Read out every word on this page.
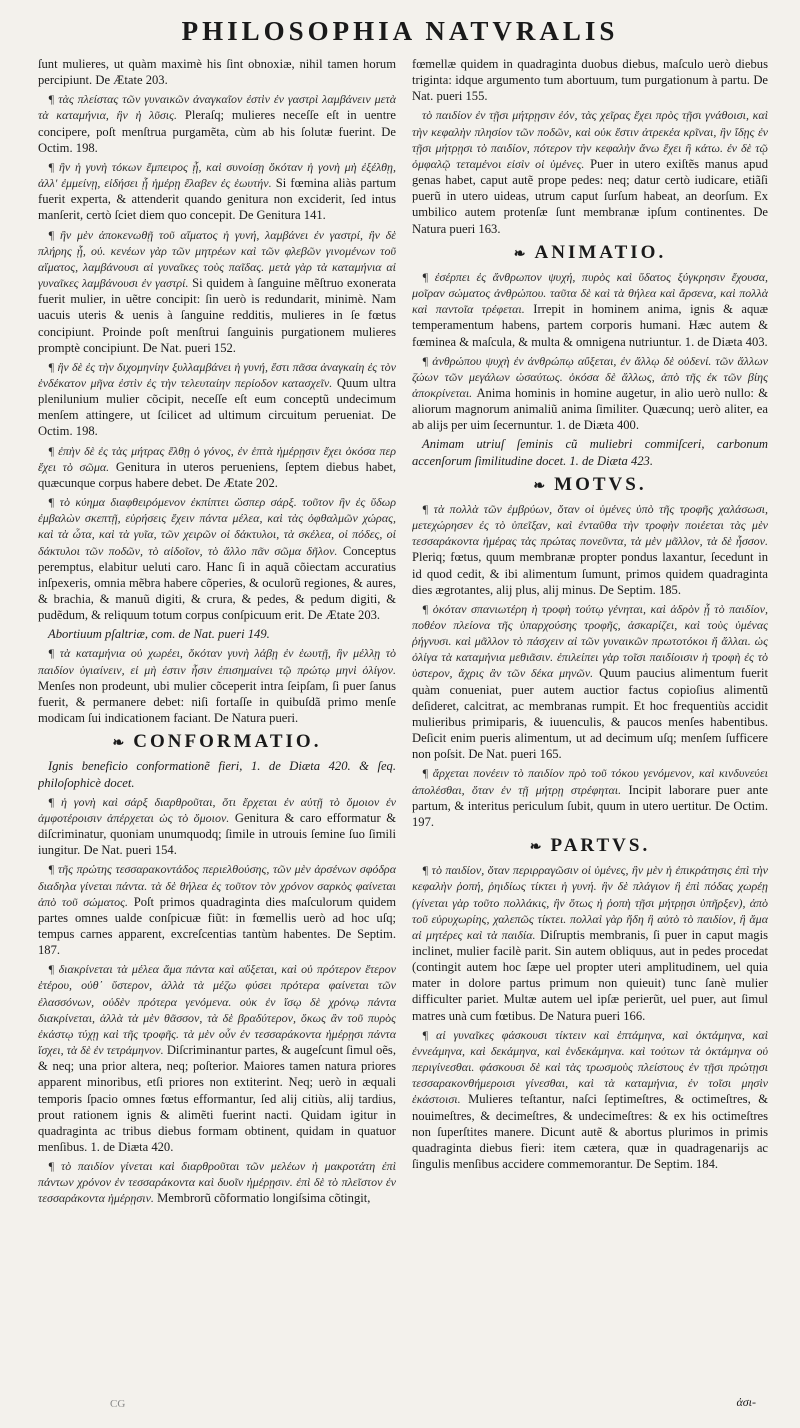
PHILOSOPHIA NATVRALIS

ſunt mulieres, ut quàm maximè his ſint obnoxiæ, nihil tamen horum percipiunt. De Ætate 203.

¶ τὰς πλείστας τῶν γυναικῶν ἀναγκαῖον ἐστὶν ἐν γαστρὶ λαμβάνειν μετὰ τὰ καταμήνια, ἢν ἡ λῦσις. Pleraſq; mulieres neceſſe eſt in uentre concipere, poſt menſtrua purgamẽta, cùm ab his ſolutæ fuerint. De Octim. 198.

¶ ἢν ἡ γυνὴ τόκων ἔμπειρος ᾖ, καὶ συνοίσῃ ὅκόταν ἡ γονὴ μὴ ἐξέλθῃ, ἀλλ' ἐμμείνῃ, εἰδήσει ᾗ ἡμέρῃ ἔλαβεν ἐς ἑωυτήν. Si fœmina aliàs partum fuerit experta, & attenderit quando genitura non exciderit, ſed intus manſerit, certò ſciet diem quo concepit. De Genitura 141.

¶ ἢν μὲν ἀποκενωθῇ τοῦ αἵματος ἡ γυνή, λαμβάνει ἐν γαστρί, ἢν δὲ πλήρης ᾖ, οὐ. κενέων γὰρ τῶν μητρέων καὶ τῶν φλεβῶν γινομένων τοῦ αἵματος, λαμβάνουσι αἱ γυναῖκες τοὺς παῖδας. μετὰ γὰρ τὰ καταμήνια αἱ γυναῖκες λαμβάνουσι ἐν γαστρί. Si quidem à ſanguine mẽſtruo exonerata fuerit mulier, in uẽtre concipit: ſin uerò is redundarit, minimè. Nam uacuis uteris & uenis à ſanguine redditis, mulieres in ſe fœtus concipiunt. Proinde poſt menſtrui ſanguinis purgationem mulieres promptè concipiunt. De Nat. pueri 152.

¶ ἢν δὲ ἐς τὴν διχομηνίην ξυλλαμβάνει ἡ γυνή, ἔστι πᾶσα ἀναγκαίη ἐς τὸν ἑνδέκατον μῆνα ἐστὶν ἐς τὴν τελευταίην περίοδον κατασχεῖν. Quum ultra plenilunium mulier cõcipit, neceſſe eſt eum conceptũ undecimum menſem attingere, ut ſcilicet ad ultimum circuitum perueniat. De Octim. 198.

¶ ἐπὴν δὲ ἐς τὰς μήτρας ἔλθῃ ὁ γόνος, ἐν ἑπτὰ ἡμέρῃσιν ἔχει ὁκόσα περ ἔχει τὸ σῶμα. Genitura in uteros perueniens, ſeptem diebus habet, quæcunque corpus habere debet. De Ætate 202.

¶ τὸ κύημα διαφθειρόμενον ἐκπίπτει ὥσπερ σάρξ. τοῦτον ἢν ἐς ὕδωρ ἐμβαλὼν σκεπτῇ, εὑρήσεις ἔχειν πάντα μέλεα, καὶ τὰς ὀφθαλμῶν χώρας, καὶ τὰ ὦτα, καὶ τὰ γυῖα, τῶν χειρῶν οἱ δάκτυλοι, τὰ σκέλεα, οἱ πόδες, οἱ δάκτυλοι τῶν ποδῶν, τὸ αἰδοῖον, τὸ ἄλλο πᾶν σῶμα δῆλον. Conceptus peremptus, elabitur ueluti caro. Hanc ſi in aquã cõiectam accuratius inſpexeris, omnia mẽbra habere cõperies, & oculorũ regiones, & aures, & brachia, & manuũ digiti, & crura, & pedes, & pedum digiti, & pudẽdum, & reliquum totum corpus conſpicuum erit. De Ætate 203.

Abortiuum pſaltriæ, com. de Nat. pueri 149.

¶ τὰ καταμήνια οὐ χωρέει, ὅκόταν γυνὴ λάβῃ ἐν ἑωυτῇ, ἢν μέλλῃ τὸ παιδίον ὑγιαίνειν, εἰ μὴ ἐστιν ἧσιν ἐπισημαίνει τῷ πρώτῳ μηνὶ ὀλίγον. Menſes non prodeunt, ubi mulier cõceperit intra ſeipſam, ſi puer ſanus fuerit, & permanere debet: niſi fortaſſe in quibuſdã primo menſe modicam ſui indicationem faciant. De Natura pueri.

❧ CONFORMATIO.

Ignis beneficio conformationẽ fieri, 1. de Diæta 420. & ſeq. philoſophicè docet.

¶ ἡ γονὴ καὶ σάρξ διαρθροῦται, ὅτι ἔρχεται ἐν αὐτῇ τὸ ὅμοιον ἐν ἀμφοτέροισιν ἀπέρχεται ὡς τὸ ὅμοιον. Genitura & caro efformatur & diſcriminatur, quoniam unumquodq; ſimile in utrouis ſemine ſuo ſimili iungitur. De Nat. pueri 154.

¶ τῆς πρώτης τεσσαρακοντάδος περιελθούσης, τῶν μὲν ἀρσένων σφόδρα διαδηλα γίνεται πάντα. τὰ δὲ θήλεα ἐς τοῦτον τὸν χρόνον σαρκὸς φαίνεται ἀπὸ τοῦ σώματος. Poſt primos quadraginta dies maſculorum quidem partes omnes ualde conſpicuæ fiũt: in fœmellis uerò ad hoc uſq; tempus carnes apparent, excreſcentias tantùm habentes. De Septim. 187.

¶ διακρίνεται τὰ μέλεα ἅμα πάντα καὶ αὔξεται, καὶ οὐ πρότερον ἕτερον ἑτέρου, οὐθ᾽ ὕστερον, ἀλλὰ τὰ μέζω φύσει πρότερα φαίνεται τῶν ἐλασσόνων, οὐδὲν πρότερα γενόμενα. οὐκ ἐν ἴσῳ δὲ χρόνῳ πάντα διακρίνεται, ἀλλὰ τὰ μὲν θᾶσσον, τὰ δὲ βραδύτερον, ὅκως ἂν τοῦ πυρὸς ἐκάστῳ τύχῃ καὶ τῆς τροφῆς. τὰ μὲν οὖν ἐν τεσσαράκοντα ἡμέρῃσι πάντα ἴσχει, τὰ δὲ ἐν τετράμηνον. Diſcriminantur partes, & augeſcunt ſimul oẽs, & neq; una prior altera, neq; poſterior. Maiores tamen natura priores apparent minoribus, etſi priores non extiterint. Neq; uerò in æquali temporis ſpacio omnes fœtus efformantur, ſed alij citiùs, alij tardius, prout rationem ignis & alimẽti fuerint nacti. Quidam igitur in quadraginta ac tribus diebus formam obtinent, quidam in quatuor menſibus. 1. de Diæta 420.

¶ τὸ παιδίον γίνεται καὶ διαρθροῦται τῶν μελέων ἡ μακροτάτη ἐπὶ πάντων χρόνον ἐν τεσσαράκοντα καὶ δυοῖν ἡμέρῃσιν. ἐπὶ δὲ τὸ πλεῖστον ἐν τεσσαράκοντα ἡμέρῃσιν. Membrorũ cõformatio longiſsima cõtingit,

fœmellæ quidem in quadraginta duobus diebus, maſculo uerò diebus triginta: idque argumento tum abortuum, tum purgationum à partu. De Nat. pueri 155.

τὸ παιδίον ἐν τῇσι μήτρῃσιν ἐόν, τὰς χεῖρας ἔχει πρὸς τῇσι γνάθοισι, καὶ τὴν κεφαλὴν πλησίον τῶν ποδῶν, καὶ οὐκ ἔστιν ἀτρεκέα κρῖναι, ἢν ἴδῃς ἐν τῇσι μήτρῃσι τὸ παιδίον, πότερον τὴν κεφαλὴν ἄνω ἔχει ἢ κάτω. ἐν δὲ τῷ ὀμφαλῷ τεταμένοι εἰσὶν οἱ ὑμένες. Puer in utero exiſtẽs manus apud genas habet, caput autẽ prope pedes: neq; datur certò iudicare, etiãſi puerũ in utero uideas, utrum caput ſurſum habeat, an deorſum. Ex umbilico autem protenſæ ſunt membranæ ipſum continentes. De Natura pueri 163.

❧ ANIMATIO.

¶ ἐσέρπει ἐς ἄνθρωπον ψυχή, πυρὸς καὶ ὕδατος ξύγκρησιν ἔχουσα, μοῖραν σώματος ἀνθρώπου. ταῦτα δὲ καὶ τὰ θήλεα καὶ ἄρσενα, καὶ πολλὰ καὶ παντοῖα τρέφεται. Irrepit in hominem anima, ignis & aquæ temperamentum habens, partem corporis humani. Hæc autem & fœminea & maſcula, & multa & omnigena nutriuntur. 1. de Diæta 403.

¶ ἀνθρώπου ψυχὴ ἐν ἀνθρώπῳ αὔξεται, ἐν ἄλλῳ δὲ οὐδενί. τῶν ἄλλων ζώων τῶν μεγάλων ὡσαύτως. ὁκόσα δὲ ἄλλως, ἀπὸ τῆς ἐκ τῶν βίης ἀποκρίνεται. Anima hominis in homine augetur, in alio uerò nullo: & aliorum magnorum animaliũ anima ſimiliter. Quæcunq; uerò aliter, ea ab alijs per uim ſecernuntur. 1. de Diæta 400.

Animam utriuſ ſeminis cũ muliebri commiſceri, carbonum accenſorum ſimilitudine docet. 1. de Diæta 423.

❧ MOTVS.

¶ τὰ πολλὰ τῶν ἐμβρύων, ὅταν οἱ ὑμένες ὑπὸ τῆς τροφῆς χαλάσωσι, μετεχώρησεν ἐς τὸ ὑπεῖξαν, καὶ ἐνταῦθα τὴν τροφὴν ποιέεται τὰς μὲν τεσσαράκοντα ἡμέρας τὰς πρώτας πονεῦντα, τὰ μὲν μᾶλλον, τὰ δὲ ἧσσον. Pleriq; fœtus, quum membranæ propter pondus laxantur, ſecedunt in id quod cedit, & ibi alimentum ſumunt, primos quidem quadraginta dies ægrotantes, alij plus, alij minus. De Septim. 185.

¶ ὁκόταν σπανιωτέρη ἡ τροφὴ τούτῳ γένηται, καὶ ἀδρὸν ᾖ τὸ παιδίον, ποθέον πλείονα τῆς ὑπαρχούσης τροφῆς, ἀσκαρίζει, καὶ τοὺς ὑμένας ῥήγνυσι. καὶ μᾶλλον τὸ πάσχειν αἱ τῶν γυναικῶν πρωτοτόκοι ἤ ἄλλαι. ὡς ὀλίγα τὰ καταμήνια μεθιᾶσιν. ἐπιλείπει γὰρ τοῖσι παιδίοισιν ἡ τροφὴ ἐς τὸ ὑστερον, ἄχρις ἂν τῶν δέκα μηνῶν. Quum paucius alimentum fuerit quàm conueniat, puer autem auctior factus copioſius alimentũ deſideret, calcitrat, ac membranas rumpit. Et hoc frequentiùs accidit mulieribus primiparis, & iuuenculis, & paucos menſes habentibus. Deſicit enim pueris alimentum, ut ad decimum uſq; menſem ſufficere non poſsit. De Nat. pueri 165.

¶ ἄρχεται πονέειν τὸ παιδίον πρὸ τοῦ τόκου γενόμενον, καὶ κινδυνεύει ἀπολέσθαι, ὅταν ἐν τῇ μήτρῃ στρέφηται. Incipit laborare puer ante partum, & interitus periculum ſubit, quum in utero uertitur. De Octim. 197.

❧ PARTVS.

¶ τὸ παιδίον, ὅταν περιρραγῶσιν οἱ ὑμένες, ἢν μὲν ἡ ἐπικράτησις ἐπὶ τὴν κεφαλὴν ῥοπή, ῥηιδίως τίκτει ἡ γυνή. ἢν δὲ πλάγιον ἢ ἐπὶ πόδας χωρέῃ (γίνεται γὰρ τοῦτο πολλάκις, ἢν ὅτως ἡ ῥοπὴ τῇσι μήτρῃσι ὑπῆρξεν), ἀπὸ τοῦ εὐρυχωρίης, χαλεπῶς τίκτει. πολλαὶ γὰρ ἤδη ἢ αὐτὸ τὸ παιδίον, ἢ ἅμα αἱ μητέρες καὶ τὰ παιδία. Diſruptis membranis, ſi puer in caput magis inclinet, mulier facilè parit. Sin autem obliquus, aut in pedes procedat (contingit autem hoc ſæpe uel propter uteri amplitudinem, uel quia mater in dolore partus primum non quieuit) tunc ſanè mulier difficulter pariet. Multæ autem uel ipſæ perierũt, uel puer, aut ſimul matres unà cum fœtibus. De Natura pueri 166.

¶ αἱ γυναῖκες φάσκουσι τίκτειν καὶ ἑπτάμηνα, καὶ ὀκτάμηνα, καὶ ἐννεάμηνα, καὶ δεκάμηνα, καὶ ἑνδεκάμηνα. καὶ τούτων τὰ ὀκτάμηνα οὐ περιγίνεσθαι. φάσκουσι δὲ καὶ τὰς τρωσμοὺς πλείστους ἐν τῇσι πρώτῃσι τεσσαρακονθήμεροισι γίνεσθαι, καὶ τὰ καταμήνια, ἐν τοῖσι μησὶν ἑκάστοισι. Mulieres teſtantur, naſci ſeptimeſtres, & octimeſtres, & nouimeſtres, & decimeſtres, & undecimeſtres: & ex his octimeſtres non ſuperſtites manere. Dicunt autẽ & abortus plurimos in primis quadraginta diebus fieri: item cætera, quæ in quadragenarijs ac ſingulis menſibus accidere commemorantur. De Septim. 184.

CG	ἀσι-
